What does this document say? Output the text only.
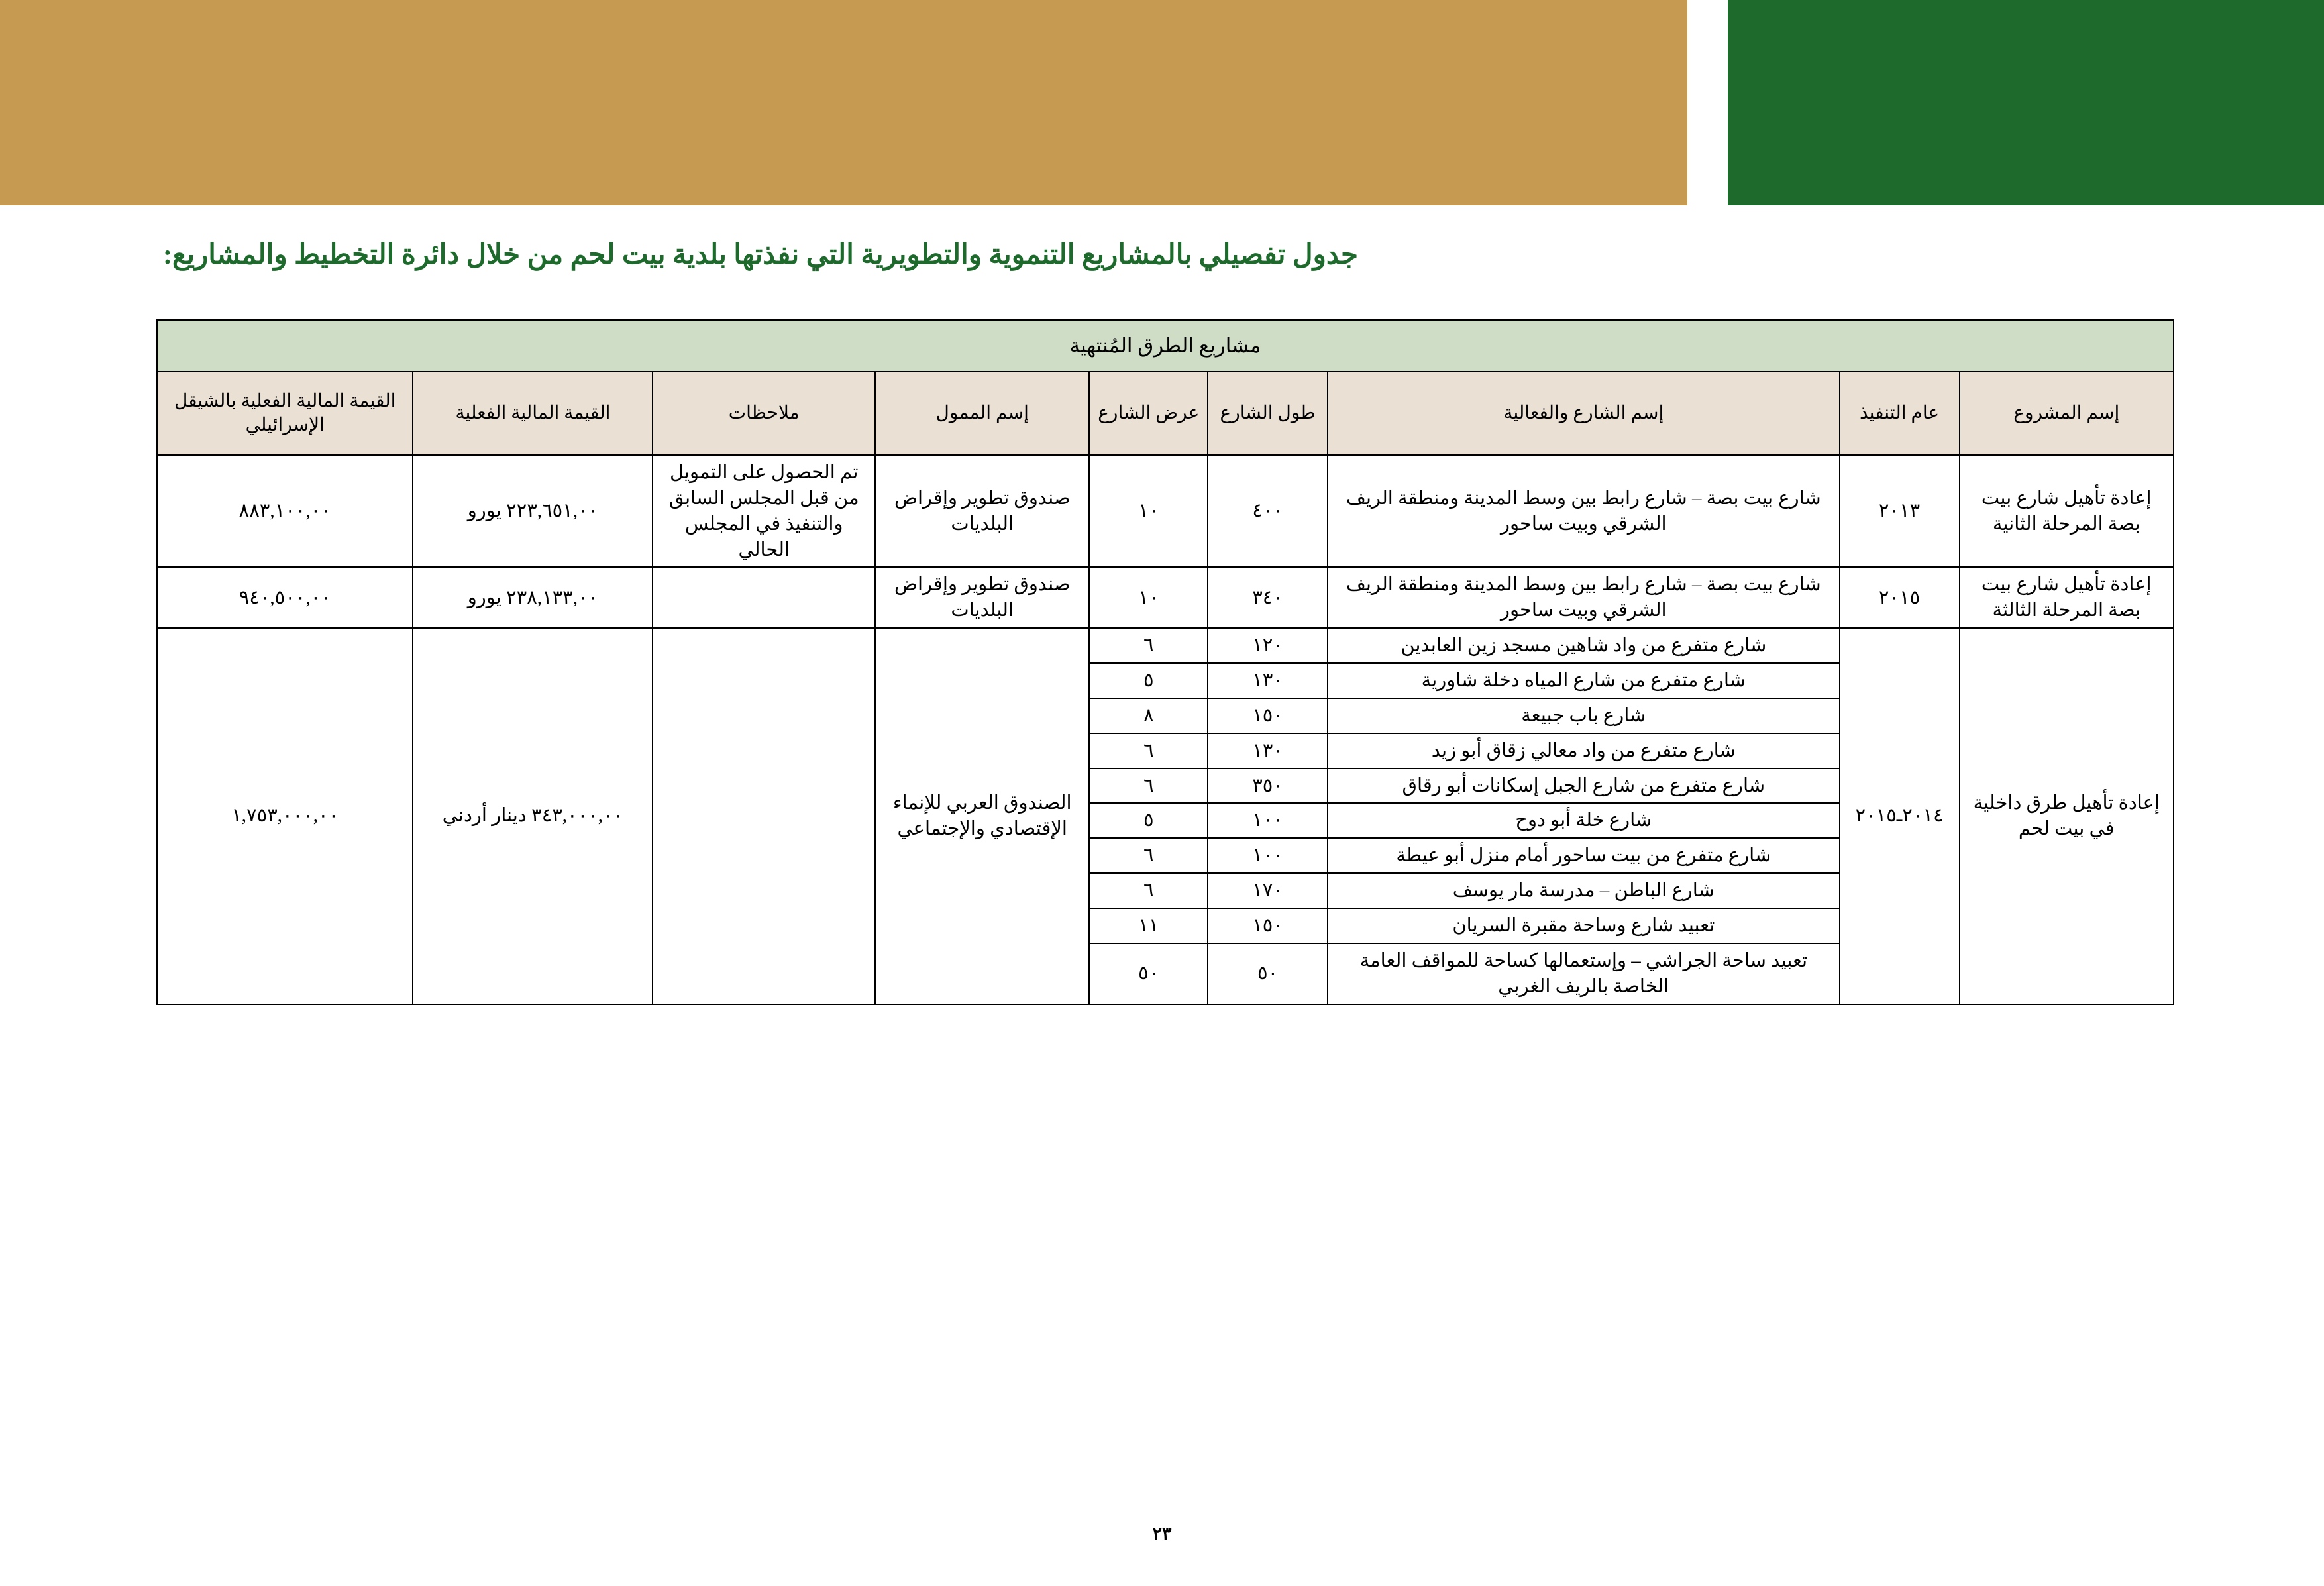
جدول تفصيلي بالمشاريع التنموية والتطويرية التي نفذتها بلدية بيت لحم من خلال دائرة التخطيط والمشاريع:
مشاريع الطرق المُنتهية								
إسم المشروع	عام التنفيذ	إسم الشارع والفعالية	طول الشارع	عرض الشارع	إسم الممول	ملاحظات	القيمة المالية الفعلية	القيمة المالية الفعلية بالشيقل الإسرائيلي
إعادة تأهيل شارع بيت بصة المرحلة الثانية	٢٠١٣	شارع بيت بصة – شارع رابط بين وسط المدينة ومنطقة الريف الشرقي وبيت ساحور	٤٠٠	١٠	صندوق تطوير وإقراض البلديات	تم الحصول على التمويل من قبل المجلس السابق والتنفيذ في المجلس الحالي	٢٢٣,٦٥١,٠٠ يورو	٨٨٣,١٠٠,٠٠
إعادة تأهيل شارع بيت بصة المرحلة الثالثة	٢٠١٥	شارع بيت بصة – شارع رابط بين وسط المدينة ومنطقة الريف الشرقي وبيت ساحور	٣٤٠	١٠	صندوق تطوير وإقراض البلديات		٢٣٨,١٣٣,٠٠ يورو	٩٤٠,٥٠٠,٠٠
إعادة تأهيل طرق داخلية في بيت لحم	٢٠١٤ـ٢٠١٥	شارع متفرع من واد شاهين مسجد زين العابدين	١٢٠	٦	الصندوق العربي للإنماء الإقتصادي والإجتماعي		٣٤٣,٠٠٠,٠٠ دينار أردني	١,٧٥٣,٠٠٠,٠٠
		شارع متفرع من شارع المياه دخلة شاورية	١٣٠	٥				
		شارع باب جبيعة	١٥٠	٨				
		شارع متفرع من واد معالي زقاق أبو زيد	١٣٠	٦				
		شارع متفرع من شارع الجبل إسكانات أبو رقاق	٣٥٠	٦				
		شارع خلة أبو دوح	١٠٠	٥				
		شارع متفرع من بيت ساحور أمام منزل أبو عيطة	١٠٠	٦				
		شارع الباطن – مدرسة مار يوسف	١٧٠	٦				
		تعبيد شارع وساحة مقبرة السريان	١٥٠	١١				
		تعبيد ساحة الجراشي – وإستعمالها كساحة للمواقف العامة الخاصة بالريف الغربي	٥٠	٥٠				
٢٣
